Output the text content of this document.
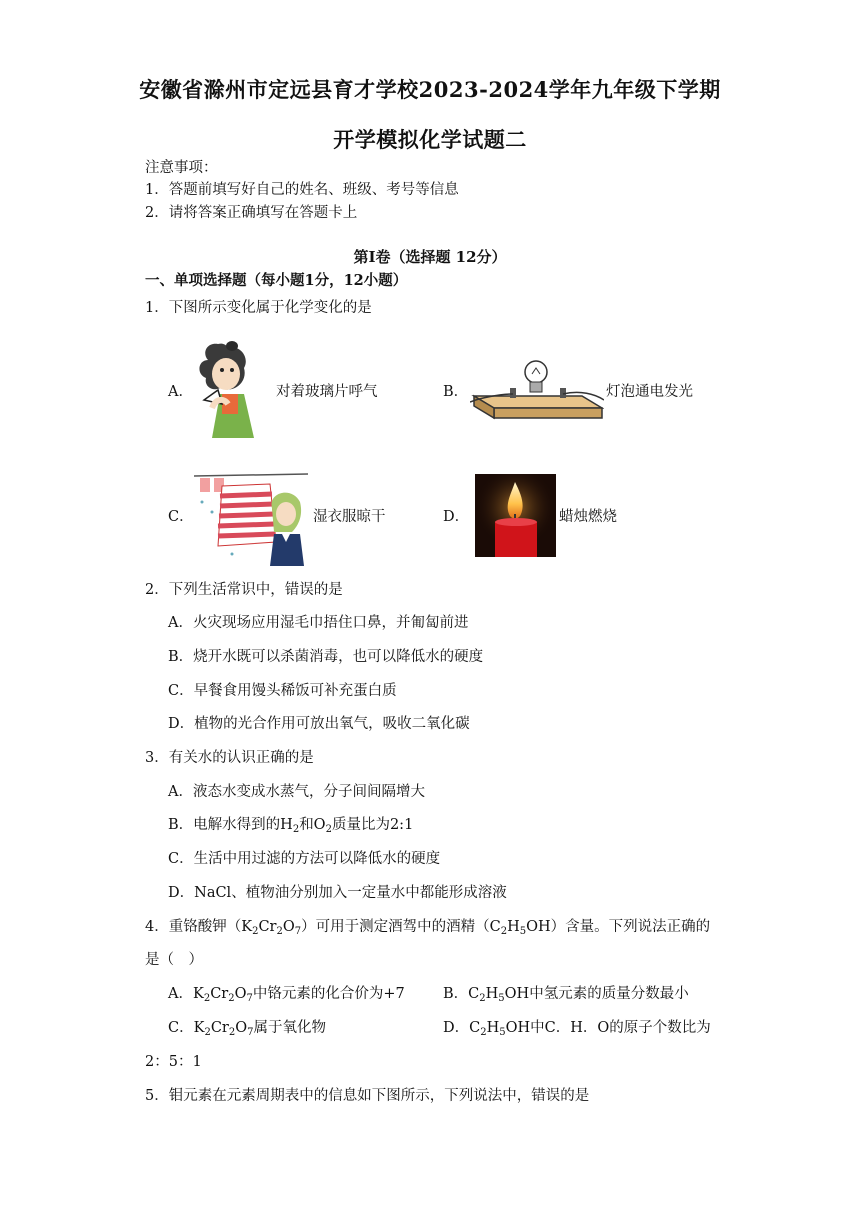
安徽省滁州市定远县育才学校2023-2024学年九年级下学期
开学模拟化学试题二
注意事项：
1．答题前填写好自己的姓名、班级、考号等信息
2．请将答案正确填写在答题卡上
第I卷（选择题 12分）
一、单项选择题（每小题1分，12小题）
1．下图所示变化属于化学变化的是
A．	对着玻璃片呼气	B．	灯泡通电发光
C．	湿衣服晾干	D．	蜡烛燃烧
2．下列生活常识中，错误的是
A．火灾现场应用湿毛巾捂住口鼻，并匍匐前进
B．烧开水既可以杀菌消毒，也可以降低水的硬度
C．早餐食用馒头稀饭可补充蛋白质
D．植物的光合作用可放出氧气，吸收二氧化碳
3．有关水的认识正确的是
A．液态水变成水蒸气，分子间间隔增大
B．电解水得到的$H_2$和$O_2$质量比为2:1
C．生活中用过滤的方法可以降低水的硬度
D．NaCl、植物油分别加入一定量水中都能形成溶液
4．重铬酸钾$(K_2Cr_2O_7)$可用于测定酒驾中的酒精$(C_2H_5OH)$含量。下列说法正确的
是（　）
A．$K_2Cr_2O_7$中铬元素的化合价为+7	B．$C_2H_5OH$中氢元素的质量分数最小
C．$K_2Cr_2O_7$属于氧化物	D．$C_2H_5OH$中C．H．O的原子个数比为
2：5：1
5．钼元素在元素周期表中的信息如下图所示，下列说法中，错误的是
